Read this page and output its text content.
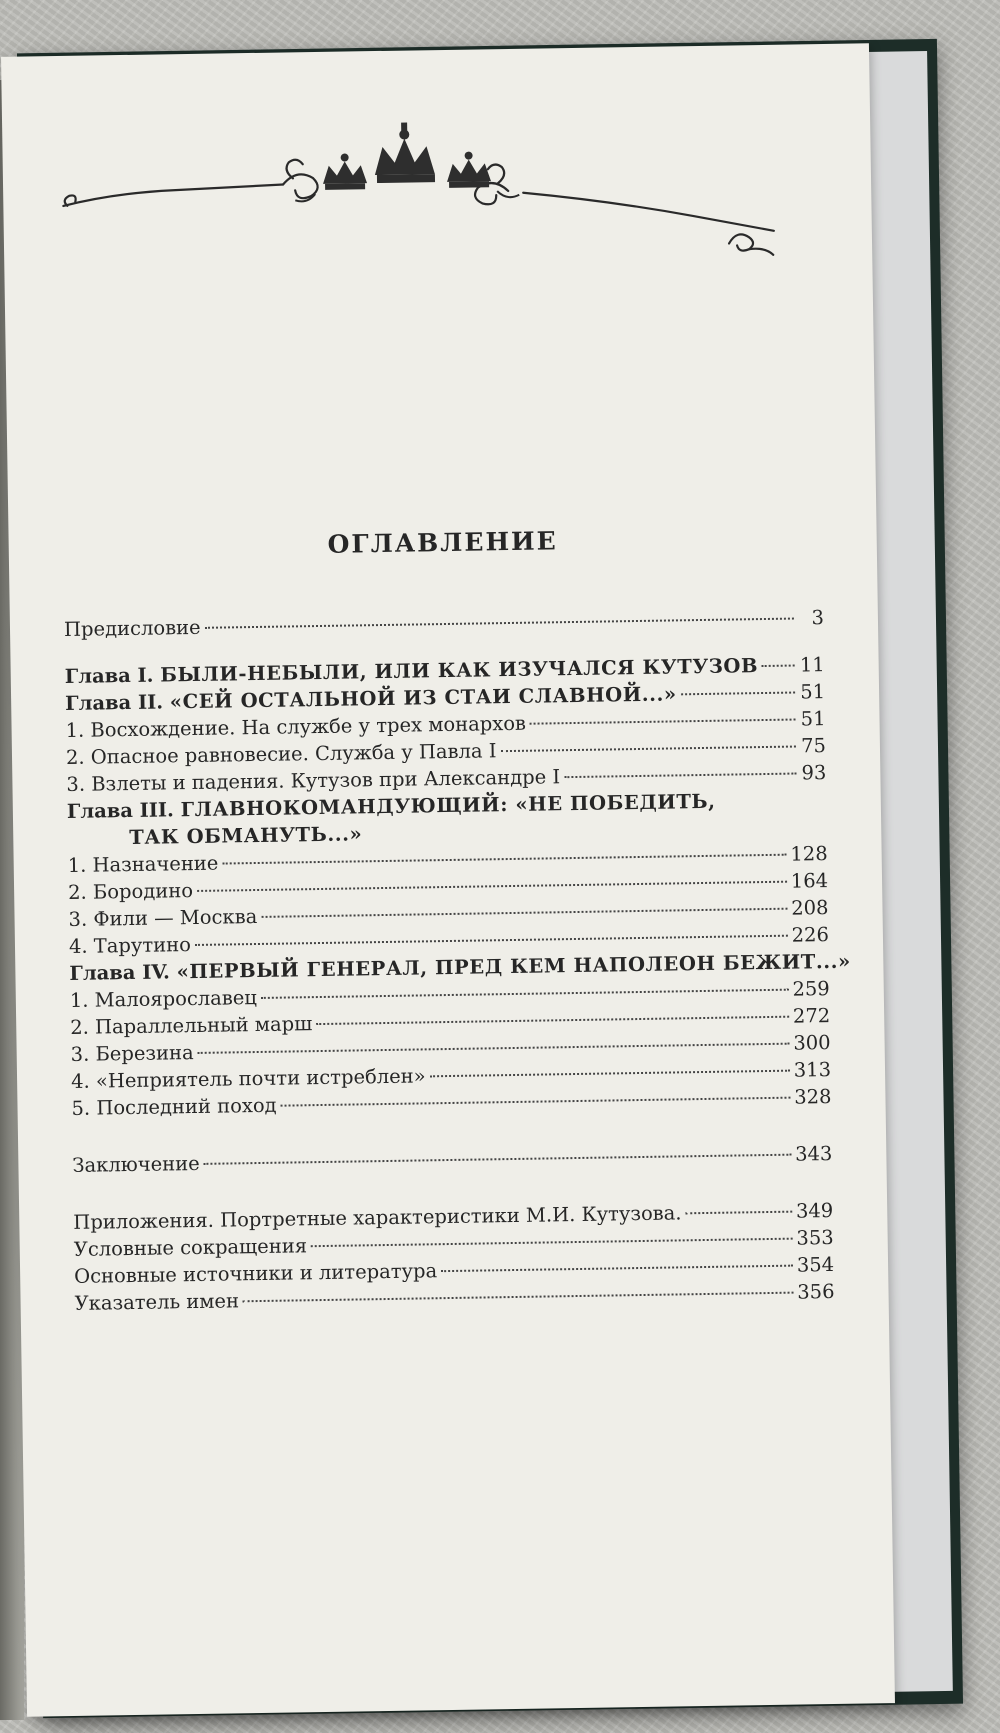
ОГЛАВЛЕНИЕ
Предисловие	3
Глава I. БЫЛИ-НЕБЫЛИ, ИЛИ КАК ИЗУЧАЛСЯ КУТУЗОВ 11
Глава II. «СЕЙ ОСТАЛЬНОЙ ИЗ СТАИ СЛАВНОЙ...»	51
1. Восхождение. На службе у трех монархов	51
2. Опасное равновесие. Служба у Павла I	75
3. Взлеты и падения. Кутузов при Александре I	93
Глава III. ГЛАВНОКОМАНДУЮЩИЙ: «НЕ ПОБЕДИТЬ,
ТАК ОБМАНУТЬ...»
1. Назначение	128
2. Бородино	164
3. Фили — Москва	208
4. Тарутино	226
Глава IV. «ПЕРВЫЙ ГЕНЕРАЛ, ПРЕД КЕМ НАПОЛЕОН БЕЖИТ...»
1. Малоярославец	259
2. Параллельный марш	272
3. Березина	300
4. «Неприятель почти истреблен»	313
5. Последний поход	328
Заключение	343
Приложения. Портретные характеристики М.И. Кутузова.	349
Условные сокращения	353
Основные источники и литература	354
Указатель имен	356
